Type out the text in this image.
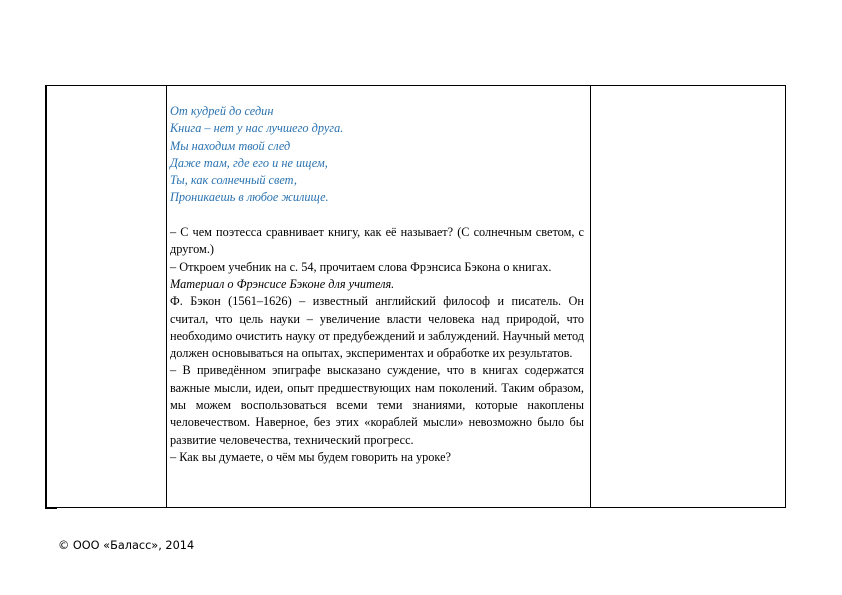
От кудрей до седин

Книга – нет у нас лучшего друга.

Мы находим твой след

Даже там, где его и не ищем,

Ты, как солнечный свет,

Проникаешь в любое жилище.

– С чем поэтесса сравнивает книгу, как её называет? (С солнечным светом, с другом.)

– Откроем учебник на с. 54, прочитаем слова Фрэнсиса Бэкона о книгах.

Материал о Фрэнсисе Бэконе для учителя.

Ф. Бэкон (1561–1626) – известный английский философ и писатель. Он считал, что цель науки – увеличение власти человека над природой, что необходимо очистить науку от предубеждений и заблуждений. Научный метод должен основываться на опытах, экспериментах и обработке их результатов.

– В приведённом эпиграфе высказано суждение, что в книгах содержатся важные мысли, идеи, опыт предшествующих нам поколений. Таким образом, мы можем воспользоваться всеми теми знаниями, которые накоплены человечеством. Наверное, без этих «кораблей мысли» невозможно было бы развитие человечества, технический прогресс.

– Как вы думаете, о чём мы будем говорить на уроке?

© ООО «Баласс», 2014
